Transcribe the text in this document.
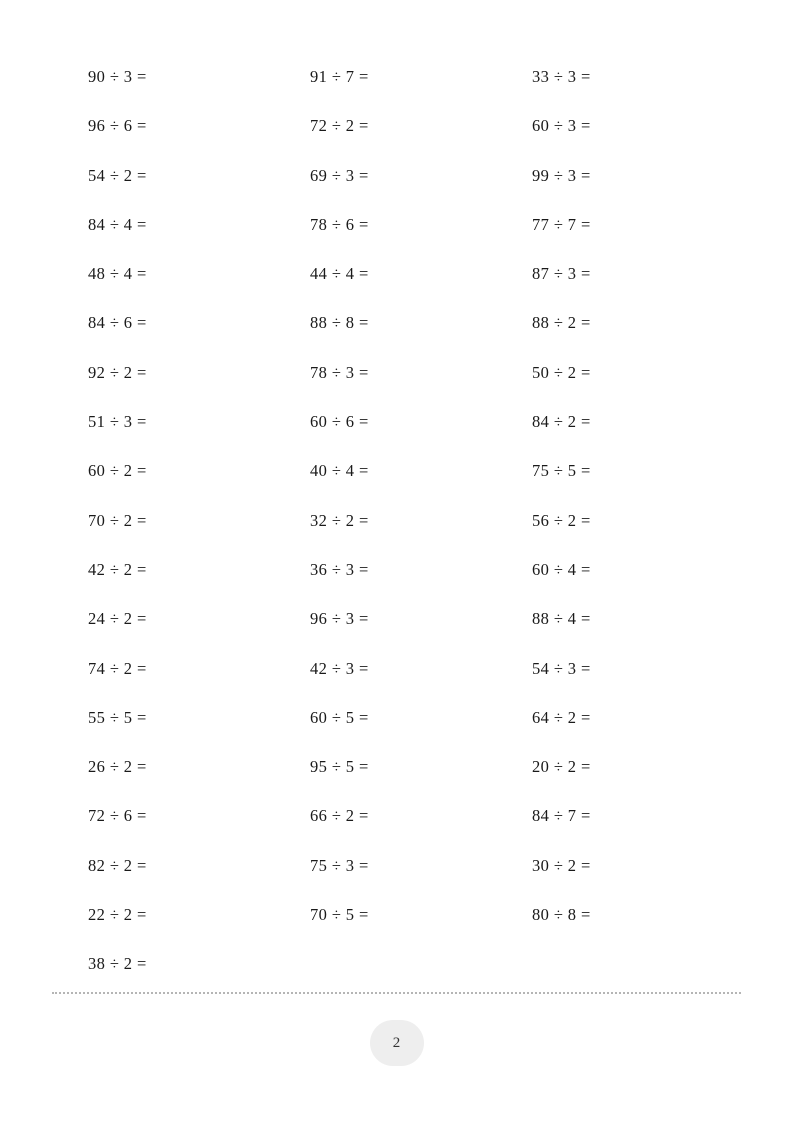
90 ÷ 3 =
96 ÷ 6 =
54 ÷ 2 =
84 ÷ 4 =
48 ÷ 4 =
84 ÷ 6 =
92 ÷ 2 =
51 ÷ 3 =
60 ÷ 2 =
70 ÷ 2 =
42 ÷ 2 =
24 ÷ 2 =
74 ÷ 2 =
55 ÷ 5 =
26 ÷ 2 =
72 ÷ 6 =
82 ÷ 2 =
22 ÷ 2 =
38 ÷ 2 =
91 ÷ 7 =
72 ÷ 2 =
69 ÷ 3 =
78 ÷ 6 =
44 ÷ 4 =
88 ÷ 8 =
78 ÷ 3 =
60 ÷ 6 =
40 ÷ 4 =
32 ÷ 2 =
36 ÷ 3 =
96 ÷ 3 =
42 ÷ 3 =
60 ÷ 5 =
95 ÷ 5 =
66 ÷ 2 =
75 ÷ 3 =
70 ÷ 5 =
33 ÷ 3 =
60 ÷ 3 =
99 ÷ 3 =
77 ÷ 7 =
87 ÷ 3 =
88 ÷ 2 =
50 ÷ 2 =
84 ÷ 2 =
75 ÷ 5 =
56 ÷ 2 =
60 ÷ 4 =
88 ÷ 4 =
54 ÷ 3 =
64 ÷ 2 =
20 ÷ 2 =
84 ÷ 7 =
30 ÷ 2 =
80 ÷ 8 =
2
